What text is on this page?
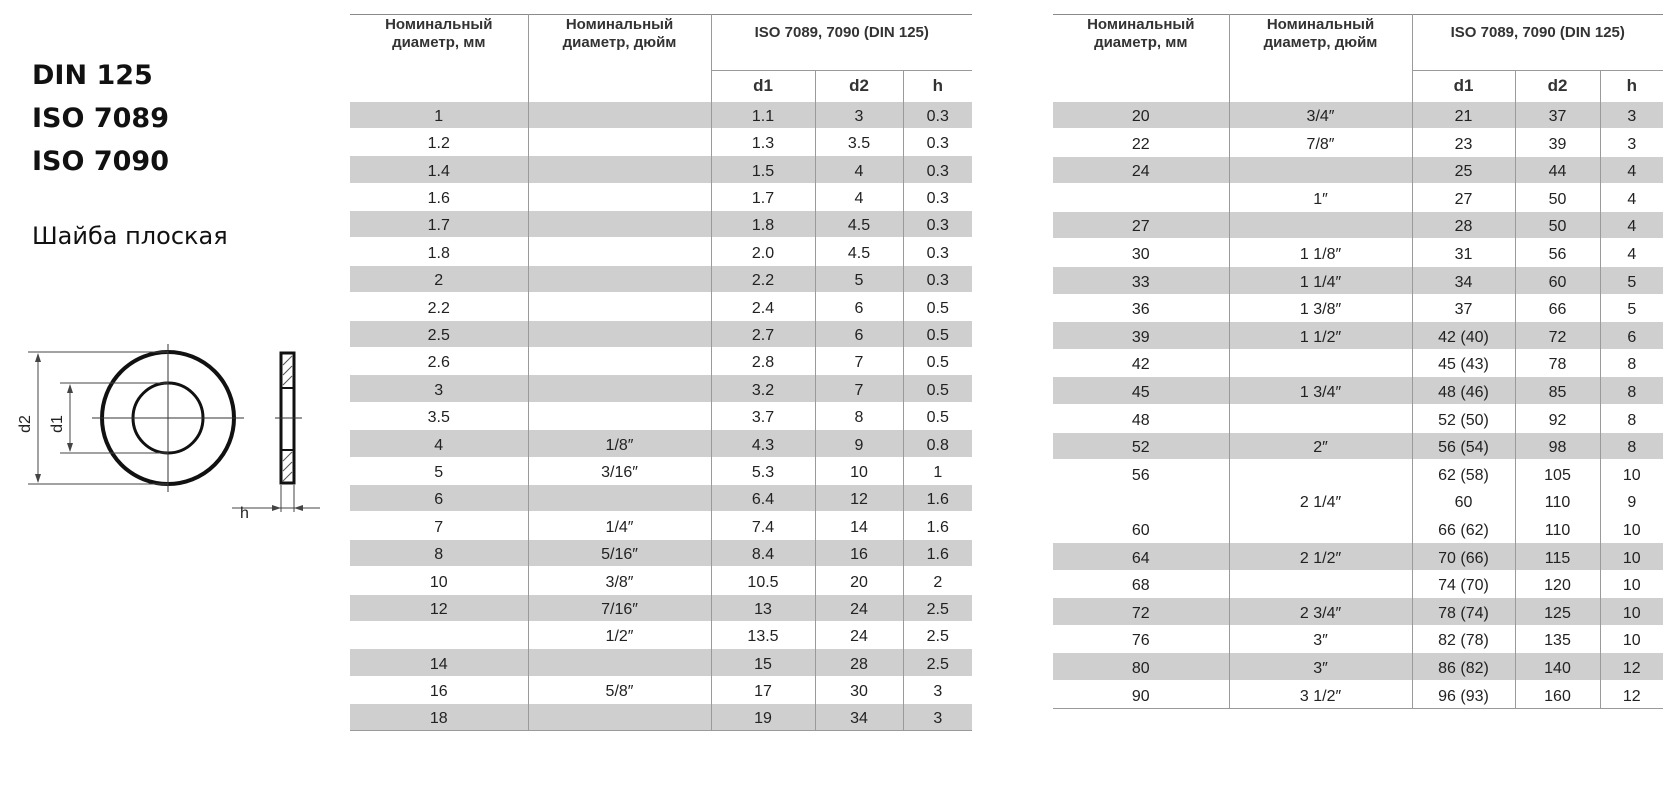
DIN 125
ISO 7089
ISO 7090
Шайба плоская
d2 d1
h
Номинальный диаметр, мм	Номинальный диаметр, дюйм	ISO 7089, 7090 (DIN 125)		
		d1	d2	h
1		1.1	3	0.3
1.2		1.3	3.5	0.3
1.4		1.5	4	0.3
1.6		1.7	4	0.3
1.7		1.8	4.5	0.3
1.8		2.0	4.5	0.3
2		2.2	5	0.3
2.2		2.4	6	0.5
2.5		2.7	6	0.5
2.6		2.8	7	0.5
3		3.2	7	0.5
3.5		3.7	8	0.5
4	1/8″	4.3	9	0.8
5	3/16″	5.3	10	1
6		6.4	12	1.6
7	1/4″	7.4	14	1.6
8	5/16″	8.4	16	1.6
10	3/8″	10.5	20	2
12	7/16″	13	24	2.5
	1/2″	13.5	24	2.5
14		15	28	2.5
16	5/8″	17	30	3
18		19	34	3
Номинальный диаметр, мм	Номинальный диаметр, дюйм	ISO 7089, 7090 (DIN 125)		
		d1	d2	h
20	3/4″	21	37	3
22	7/8″	23	39	3
24		25	44	4
	1″	27	50	4
27		28	50	4
30	1 1/8″	31	56	4
33	1 1/4″	34	60	5
36	1 3/8″	37	66	5
39	1 1/2″	42 (40)	72	6
42		45 (43)	78	8
45	1 3/4″	48 (46)	85	8
48		52 (50)	92	8
52	2″	56 (54)	98	8
56		62 (58)	105	10
	2 1/4″	60	110	9
60		66 (62)	110	10
64	2 1/2″	70 (66)	115	10
68		74 (70)	120	10
72	2 3/4″	78 (74)	125	10
76	3″	82 (78)	135	10
80	3″	86 (82)	140	12
90	3 1/2″	96 (93)	160	12
